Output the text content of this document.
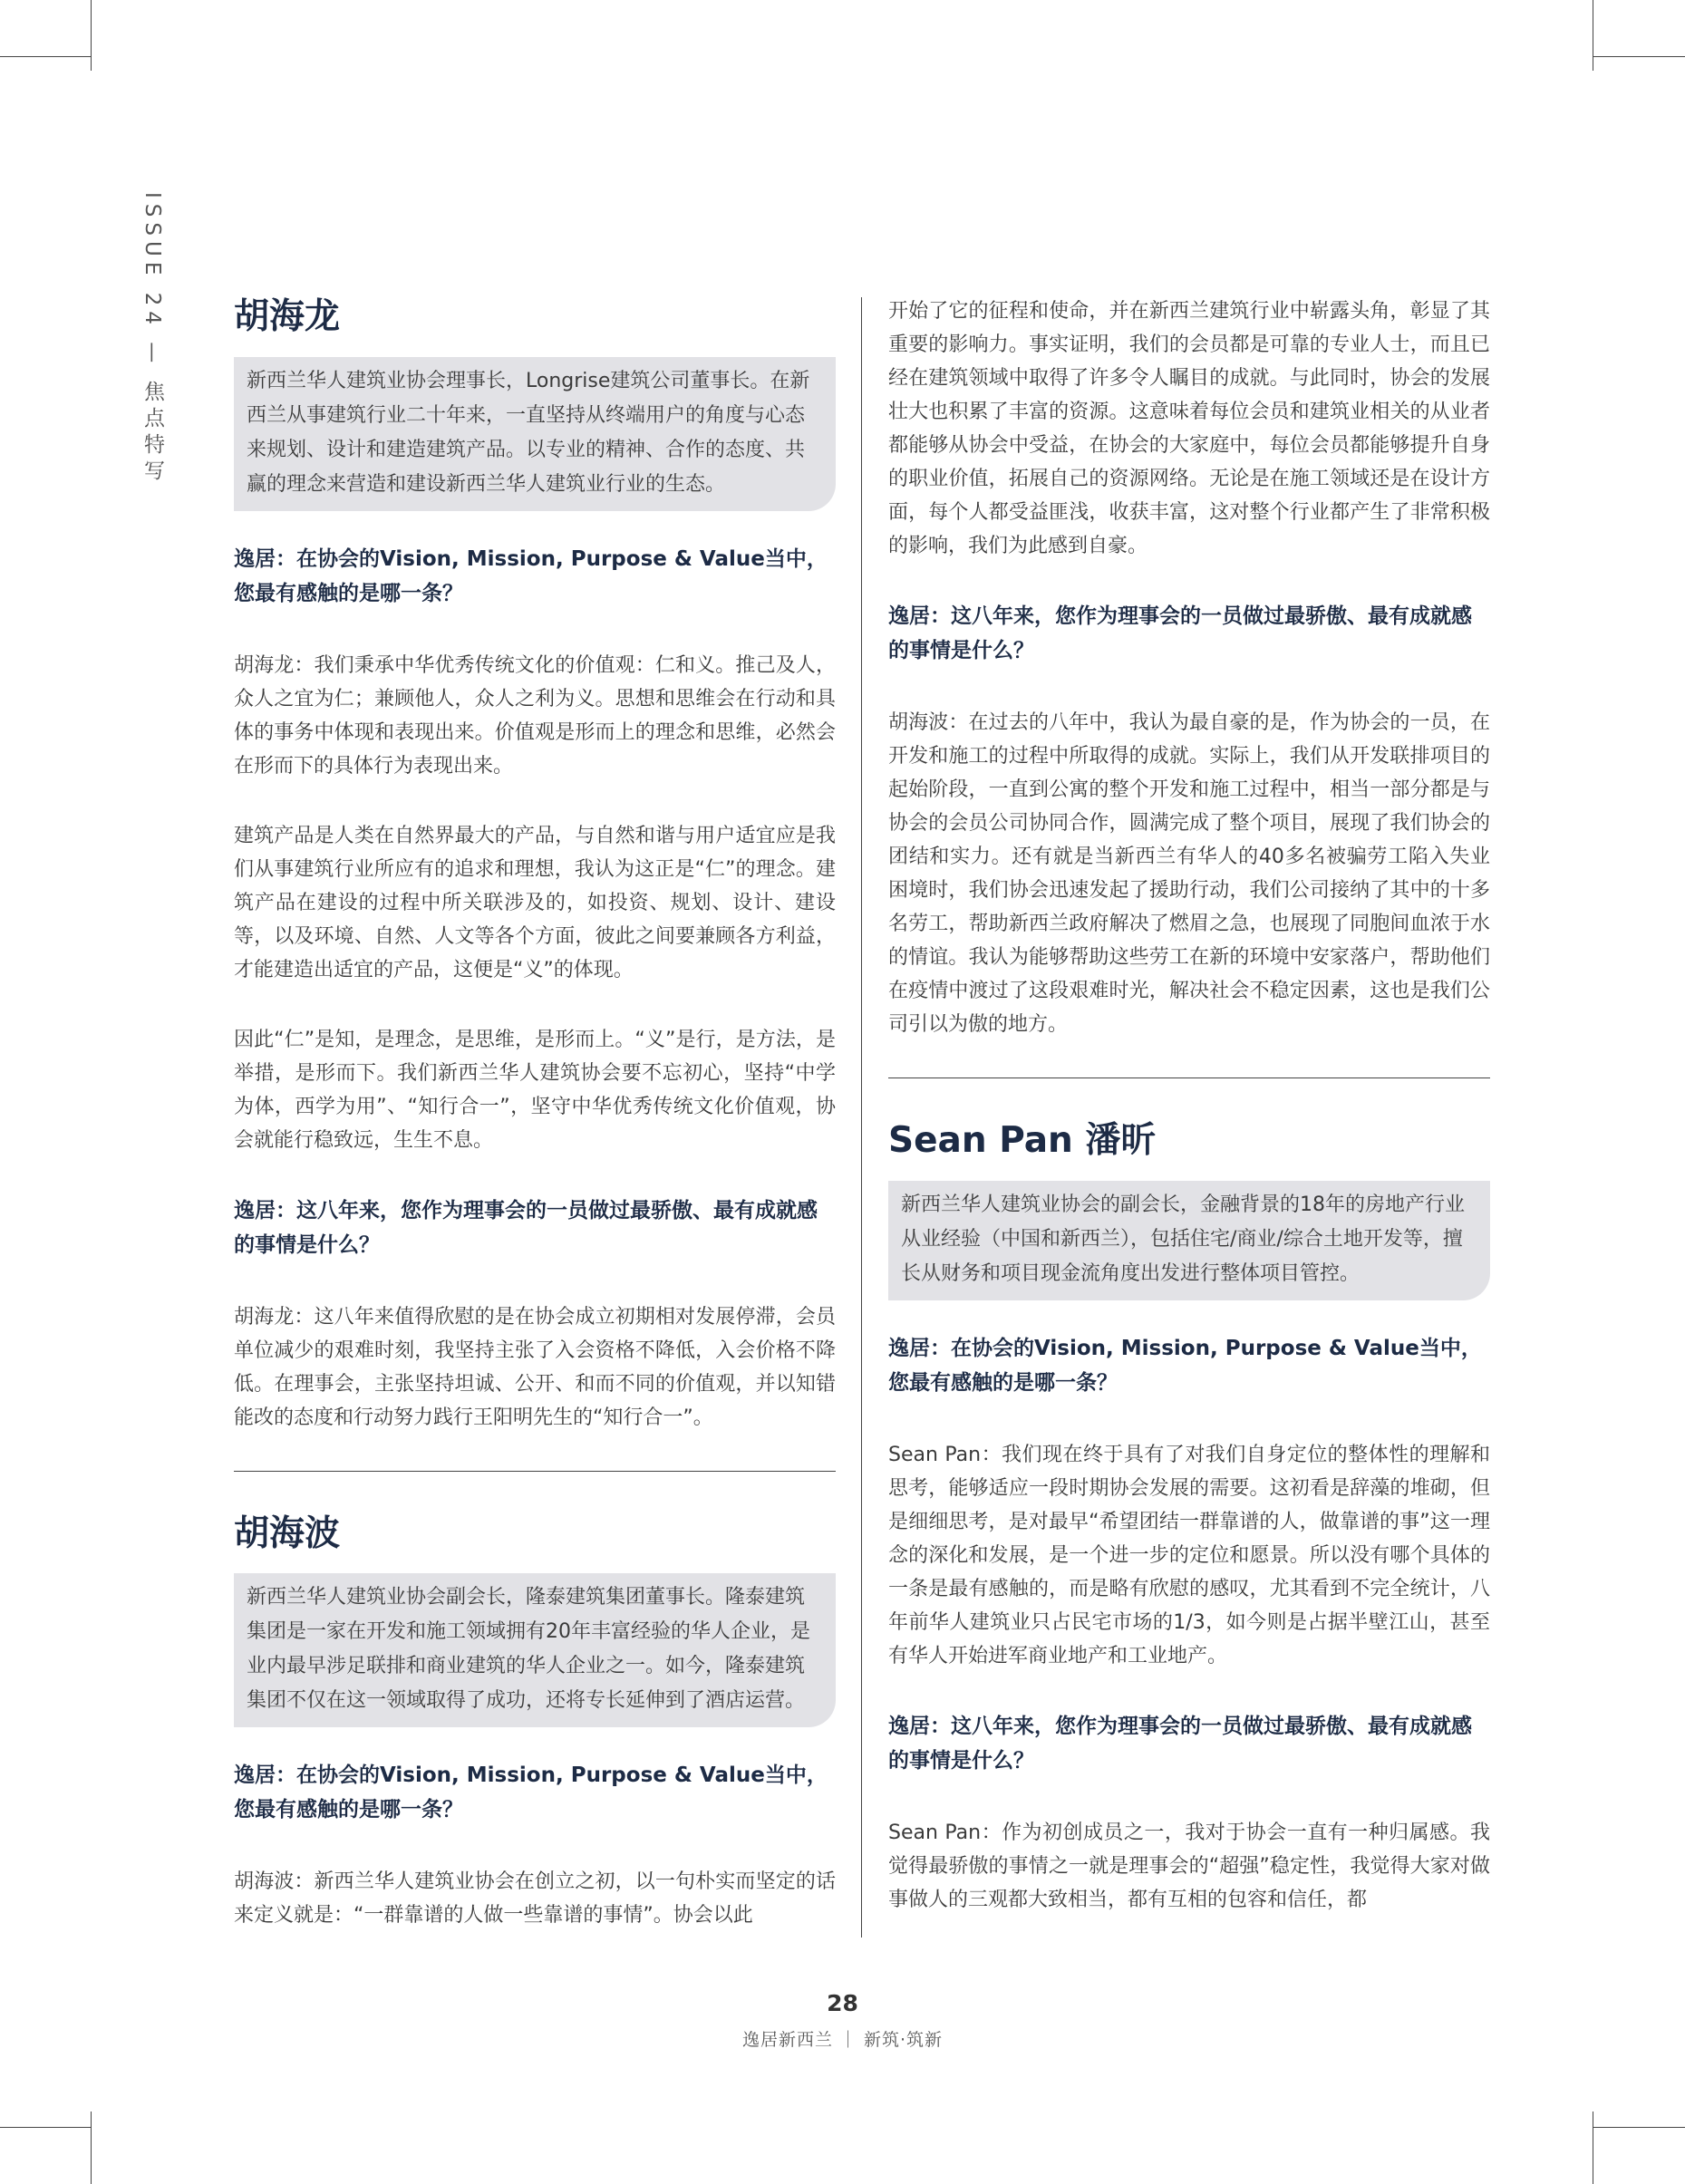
ISSUE 24 — 焦点特写 胡海龙
新西兰华人建筑业协会理事长，Longrise建筑公司董事长。在新西兰从事建筑行业二十年来，一直坚持从终端用户的角度与心态来规划、设计和建造建筑产品。以专业的精神、合作的态度、共赢的理念来营造和建设新西兰华人建筑业行业的生态。
逸居：在协会的Vision, Mission, Purpose & Value当中，您最有感触的是哪一条？
胡海龙：我们秉承中华优秀传统文化的价值观：仁和义。推己及人，众人之宜为仁；兼顾他人，众人之利为义。思想和思维会在行动和具体的事务中体现和表现出来。价值观是形而上的理念和思维，必然会在形而下的具体行为表现出来。
建筑产品是人类在自然界最大的产品，与自然和谐与用户适宜应是我们从事建筑行业所应有的追求和理想，我认为这正是“仁”的理念。建筑产品在建设的过程中所关联涉及的，如投资、规划、设计、建设等，以及环境、自然、人文等各个方面，彼此之间要兼顾各方利益，才能建造出适宜的产品，这便是“义”的体现。
因此“仁”是知，是理念，是思维，是形而上。“义”是行，是方法，是举措，是形而下。我们新西兰华人建筑协会要不忘初心，坚持“中学为体，西学为用”、“知行合一”，坚守中华优秀传统文化价值观，协会就能行稳致远，生生不息。
逸居：这八年来，您作为理事会的一员做过最骄傲、最有成就感的事情是什么？
胡海龙：这八年来值得欣慰的是在协会成立初期相对发展停滞，会员单位减少的艰难时刻，我坚持主张了入会资格不降低，入会价格不降低。在理事会，主张坚持坦诚、公开、和而不同的价值观，并以知错能改的态度和行动努力践行王阳明先生的“知行合一”。
胡海波
新西兰华人建筑业协会副会长，隆泰建筑集团董事长。隆泰建筑集团是一家在开发和施工领域拥有20年丰富经验的华人企业，是业内最早涉足联排和商业建筑的华人企业之一。如今，隆泰建筑集团不仅在这一领域取得了成功，还将专长延伸到了酒店运营。
逸居：在协会的Vision, Mission, Purpose & Value当中，您最有感触的是哪一条？
胡海波：新西兰华人建筑业协会在创立之初，以一句朴实而坚定的话来定义就是：“一群靠谱的人做一些靠谱的事情”。协会以此
开始了它的征程和使命，并在新西兰建筑行业中崭露头角，彰显了其重要的影响力。事实证明，我们的会员都是可靠的专业人士，而且已经在建筑领域中取得了许多令人瞩目的成就。与此同时，协会的发展壮大也积累了丰富的资源。这意味着每位会员和建筑业相关的从业者都能够从协会中受益，在协会的大家庭中，每位会员都能够提升自身的职业价值，拓展自己的资源网络。无论是在施工领域还是在设计方面，每个人都受益匪浅，收获丰富，这对整个行业都产生了非常积极的影响，我们为此感到自豪。
逸居：这八年来，您作为理事会的一员做过最骄傲、最有成就感的事情是什么？
胡海波：在过去的八年中，我认为最自豪的是，作为协会的一员，在开发和施工的过程中所取得的成就。实际上，我们从开发联排项目的起始阶段，一直到公寓的整个开发和施工过程中，相当一部分都是与协会的会员公司协同合作，圆满完成了整个项目，展现了我们协会的团结和实力。还有就是当新西兰有华人的40多名被骗劳工陷入失业困境时，我们协会迅速发起了援助行动，我们公司接纳了其中的十多名劳工，帮助新西兰政府解决了燃眉之急，也展现了同胞间血浓于水的情谊。我认为能够帮助这些劳工在新的环境中安家落户，帮助他们在疫情中渡过了这段艰难时光，解决社会不稳定因素，这也是我们公司引以为傲的地方。
Sean Pan 潘昕
新西兰华人建筑业协会的副会长，金融背景的18年的房地产行业从业经验（中国和新西兰），包括住宅/商业/综合土地开发等，擅长从财务和项目现金流角度出发进行整体项目管控。
逸居：在协会的Vision, Mission, Purpose & Value当中，您最有感触的是哪一条？
Sean Pan：我们现在终于具有了对我们自身定位的整体性的理解和思考，能够适应一段时期协会发展的需要。这初看是辞藻的堆砌，但是细细思考，是对最早“希望团结一群靠谱的人，做靠谱的事”这一理念的深化和发展，是一个进一步的定位和愿景。所以没有哪个具体的一条是最有感触的，而是略有欣慰的感叹，尤其看到不完全统计，八年前华人建筑业只占民宅市场的1/3，如今则是占据半壁江山，甚至有华人开始进军商业地产和工业地产。
逸居：这八年来，您作为理事会的一员做过最骄傲、最有成就感的事情是什么？
Sean Pan：作为初创成员之一，我对于协会一直有一种归属感。我觉得最骄傲的事情之一就是理事会的“超强”稳定性，我觉得大家对做事做人的三观都大致相当，都有互相的包容和信任，都
28
逸居新西兰 ｜ 新筑·筑新
